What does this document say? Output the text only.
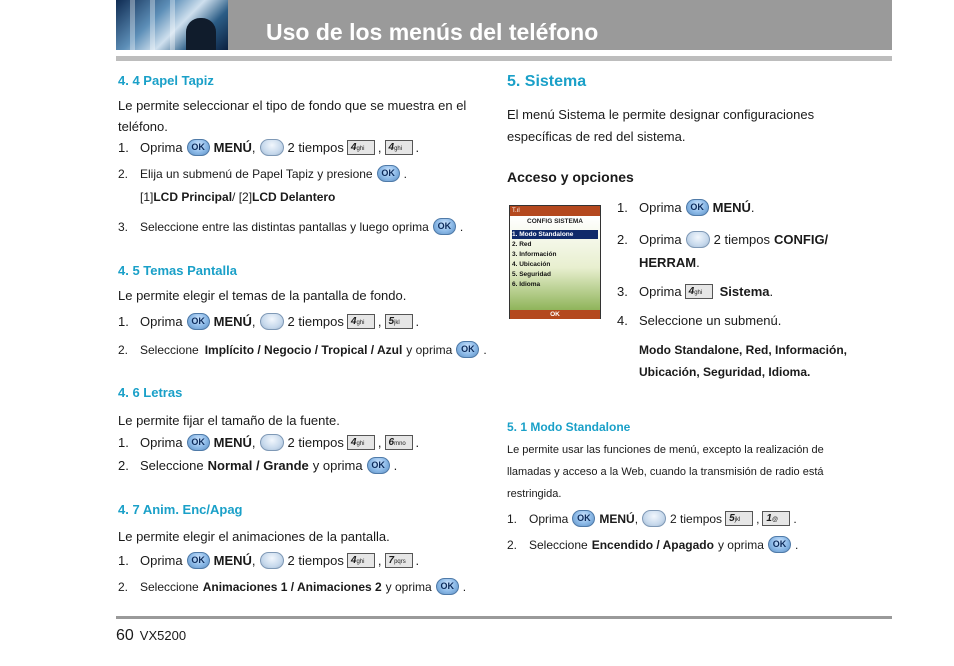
Uso de los menús del teléfono
4. 4 Papel Tapiz
Le permite seleccionar el tipo de fondo que se muestra en el
teléfono.
1. Oprima OK MENÚ , 2 tiempos 4ghi	, 4ghi	.
2. Elija un submenú de Papel Tapiz y presione OK .
[1] LCD Principal / [2] LCD Delantero
3. Seleccione entre las distintas pantallas y luego oprima OK .
4. 5 Temas Pantalla
Le permite elegir el temas de la pantalla de fondo.
1. Oprima OK MENÚ , 2 tiempos 4ghi	, 5jkl	.
2. Seleccione Implícito / Negocio / Tropical / Azul y oprima OK .
4. 6 Letras
Le permite fijar el tamaño de la fuente.
1. Oprima OK MENÚ , 2 tiempos 4ghi	, 6mno .
2. Seleccione Normal / Grande y oprima OK .
4. 7 Anim. Enc/Apag
Le permite elegir el animaciones de la pantalla.
1. Oprima OK MENÚ , 2 tiempos 4ghi	, 7pqrs .
2. Seleccione Animaciones 1 / Animaciones 2 y oprima OK .
5. Sistema
El menú Sistema le permite designar configuraciones
específicas de red del sistema.
Acceso y opciones
1. Oprima OK MENÚ .
2. Oprima 2 tiempos CONFIG/
HERRAM .
3. Oprima 4ghi	Sistema .
4. Seleccione un submenú.
Modo Standalone, Red, Información,
Ubicación, Seguridad, Idioma.
5. 1 Modo Standalone
Le permite usar las funciones de menú, excepto la realización de
llamadas y acceso a la Web, cuando la transmisión de radio está
restringida.
1. Oprima OK MENÚ ,	2 tiempos 5jkl	, 1@	.
2. Seleccione Encendido / Apagado y oprima OK .
T.ıl
CONFIG SISTEMA
1. Modo Standalone
2. Red
3. Información
4. Ubicación
5. Seguridad
6. Idioma
OK
60 VX5200
